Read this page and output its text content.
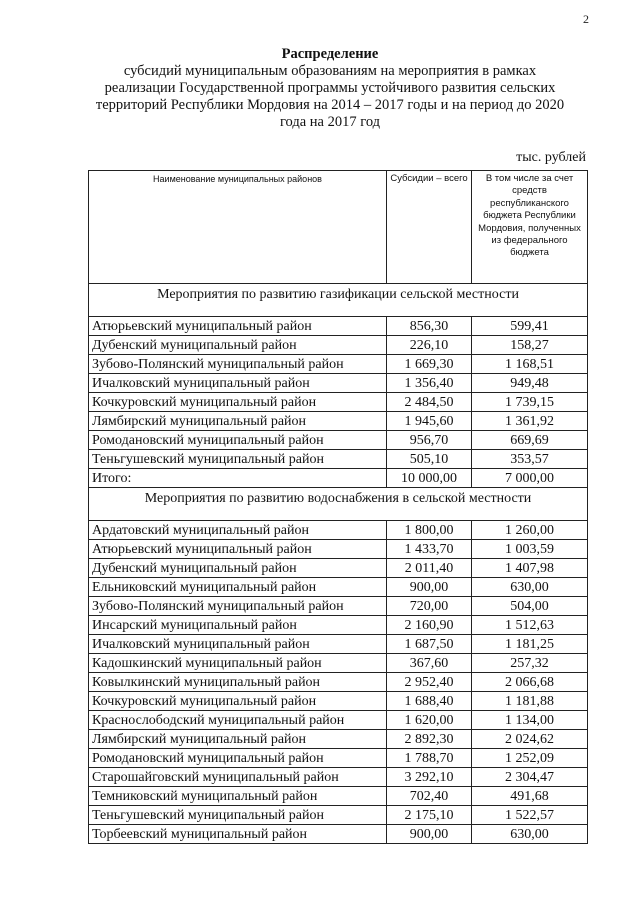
2
Распределение
субсидий муниципальным образованиям на мероприятия в рамках
реализации Государственной программы устойчивого развития сельских
территорий Республики Мордовия на 2014 – 2017 годы и на период до 2020
года на 2017 год
тыс. рублей
Наименование муниципальных районов	Субсидии – всего	В том числе за счет средств республиканского бюджета Республики Мордовия, полученных из федерального бюджета
Мероприятия по развитию газификации сельской местности		
Атюрьевский муниципальный район	856,30	599,41
Дубенский муниципальный район	226,10	158,27
Зубово-Полянский муниципальный район	1 669,30	1 168,51
Ичалковский муниципальный район	1 356,40	949,48
Кочкуровский муниципальный район	2 484,50	1 739,15
Лямбирский муниципальный район	1 945,60	1 361,92
Ромодановский муниципальный район	956,70	669,69
Теньгушевский муниципальный район	505,10	353,57
Итого:	10 000,00	7 000,00
Мероприятия по развитию водоснабжения в сельской местности		
Ардатовский муниципальный район	1 800,00	1 260,00
Атюрьевский муниципальный район	1 433,70	1 003,59
Дубенский муниципальный район	2 011,40	1 407,98
Ельниковский муниципальный район	900,00	630,00
Зубово-Полянский муниципальный район	720,00	504,00
Инсарский муниципальный район	2 160,90	1 512,63
Ичалковский муниципальный район	1 687,50	1 181,25
Кадошкинский муниципальный район	367,60	257,32
Ковылкинский муниципальный район	2 952,40	2 066,68
Кочкуровский муниципальный район	1 688,40	1 181,88
Краснослободский муниципальный район	1 620,00	1 134,00
Лямбирский муниципальный район	2 892,30	2 024,62
Ромодановский муниципальный район	1 788,70	1 252,09
Старошайговский муниципальный район	3 292,10	2 304,47
Темниковский муниципальный район	702,40	491,68
Теньгушевский муниципальный район	2 175,10	1 522,57
Торбеевский муниципальный район	900,00	630,00
